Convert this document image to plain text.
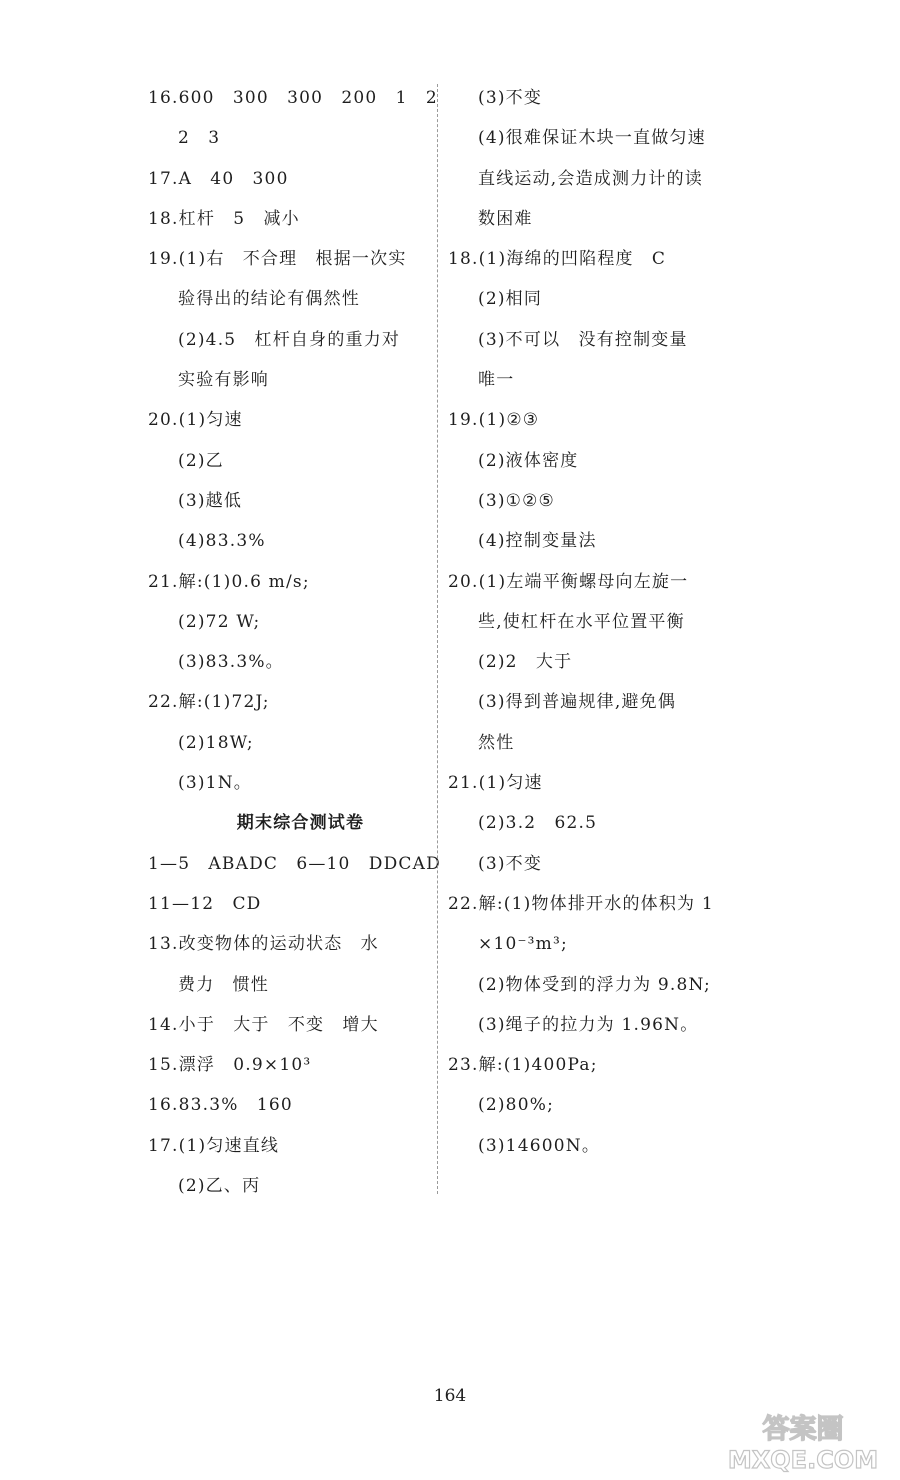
16.600　300　300　200　1　2
2　3
17.A　40　300
18.杠杆　5　减小
19.(1)右　不合理　根据一次实
验得出的结论有偶然性
(2)4.5　杠杆自身的重力对
实验有影响
20.(1)匀速
(2)乙
(3)越低
(4)83.3%
21.解:(1)0.6 m/s;
(2)72 W;
(3)83.3%。
22.解:(1)72J;
(2)18W;
(3)1N。
期末综合测试卷
1—5　ABADC　6—10　DDCAD
11—12　CD
13.改变物体的运动状态　水
费力　惯性
14.小于　大于　不变　增大
15.漂浮　0.9×10³
16.83.3%　160
17.(1)匀速直线
(2)乙、丙
(3)不变
(4)很难保证木块一直做匀速
直线运动,会造成测力计的读
数困难
18.(1)海绵的凹陷程度　C
(2)相同
(3)不可以　没有控制变量
唯一
19.(1)②③
(2)液体密度
(3)①②⑤
(4)控制变量法
20.(1)左端平衡螺母向左旋一
些,使杠杆在水平位置平衡
(2)2　大于
(3)得到普遍规律,避免偶
然性
21.(1)匀速
(2)3.2　62.5
(3)不变
22.解:(1)物体排开水的体积为 1
×10⁻³m³;
(2)物体受到的浮力为 9.8N;
(3)绳子的拉力为 1.96N。
23.解:(1)400Pa;
(2)80%;
(3)14600N。
164
答案圈
MXQE.COM
